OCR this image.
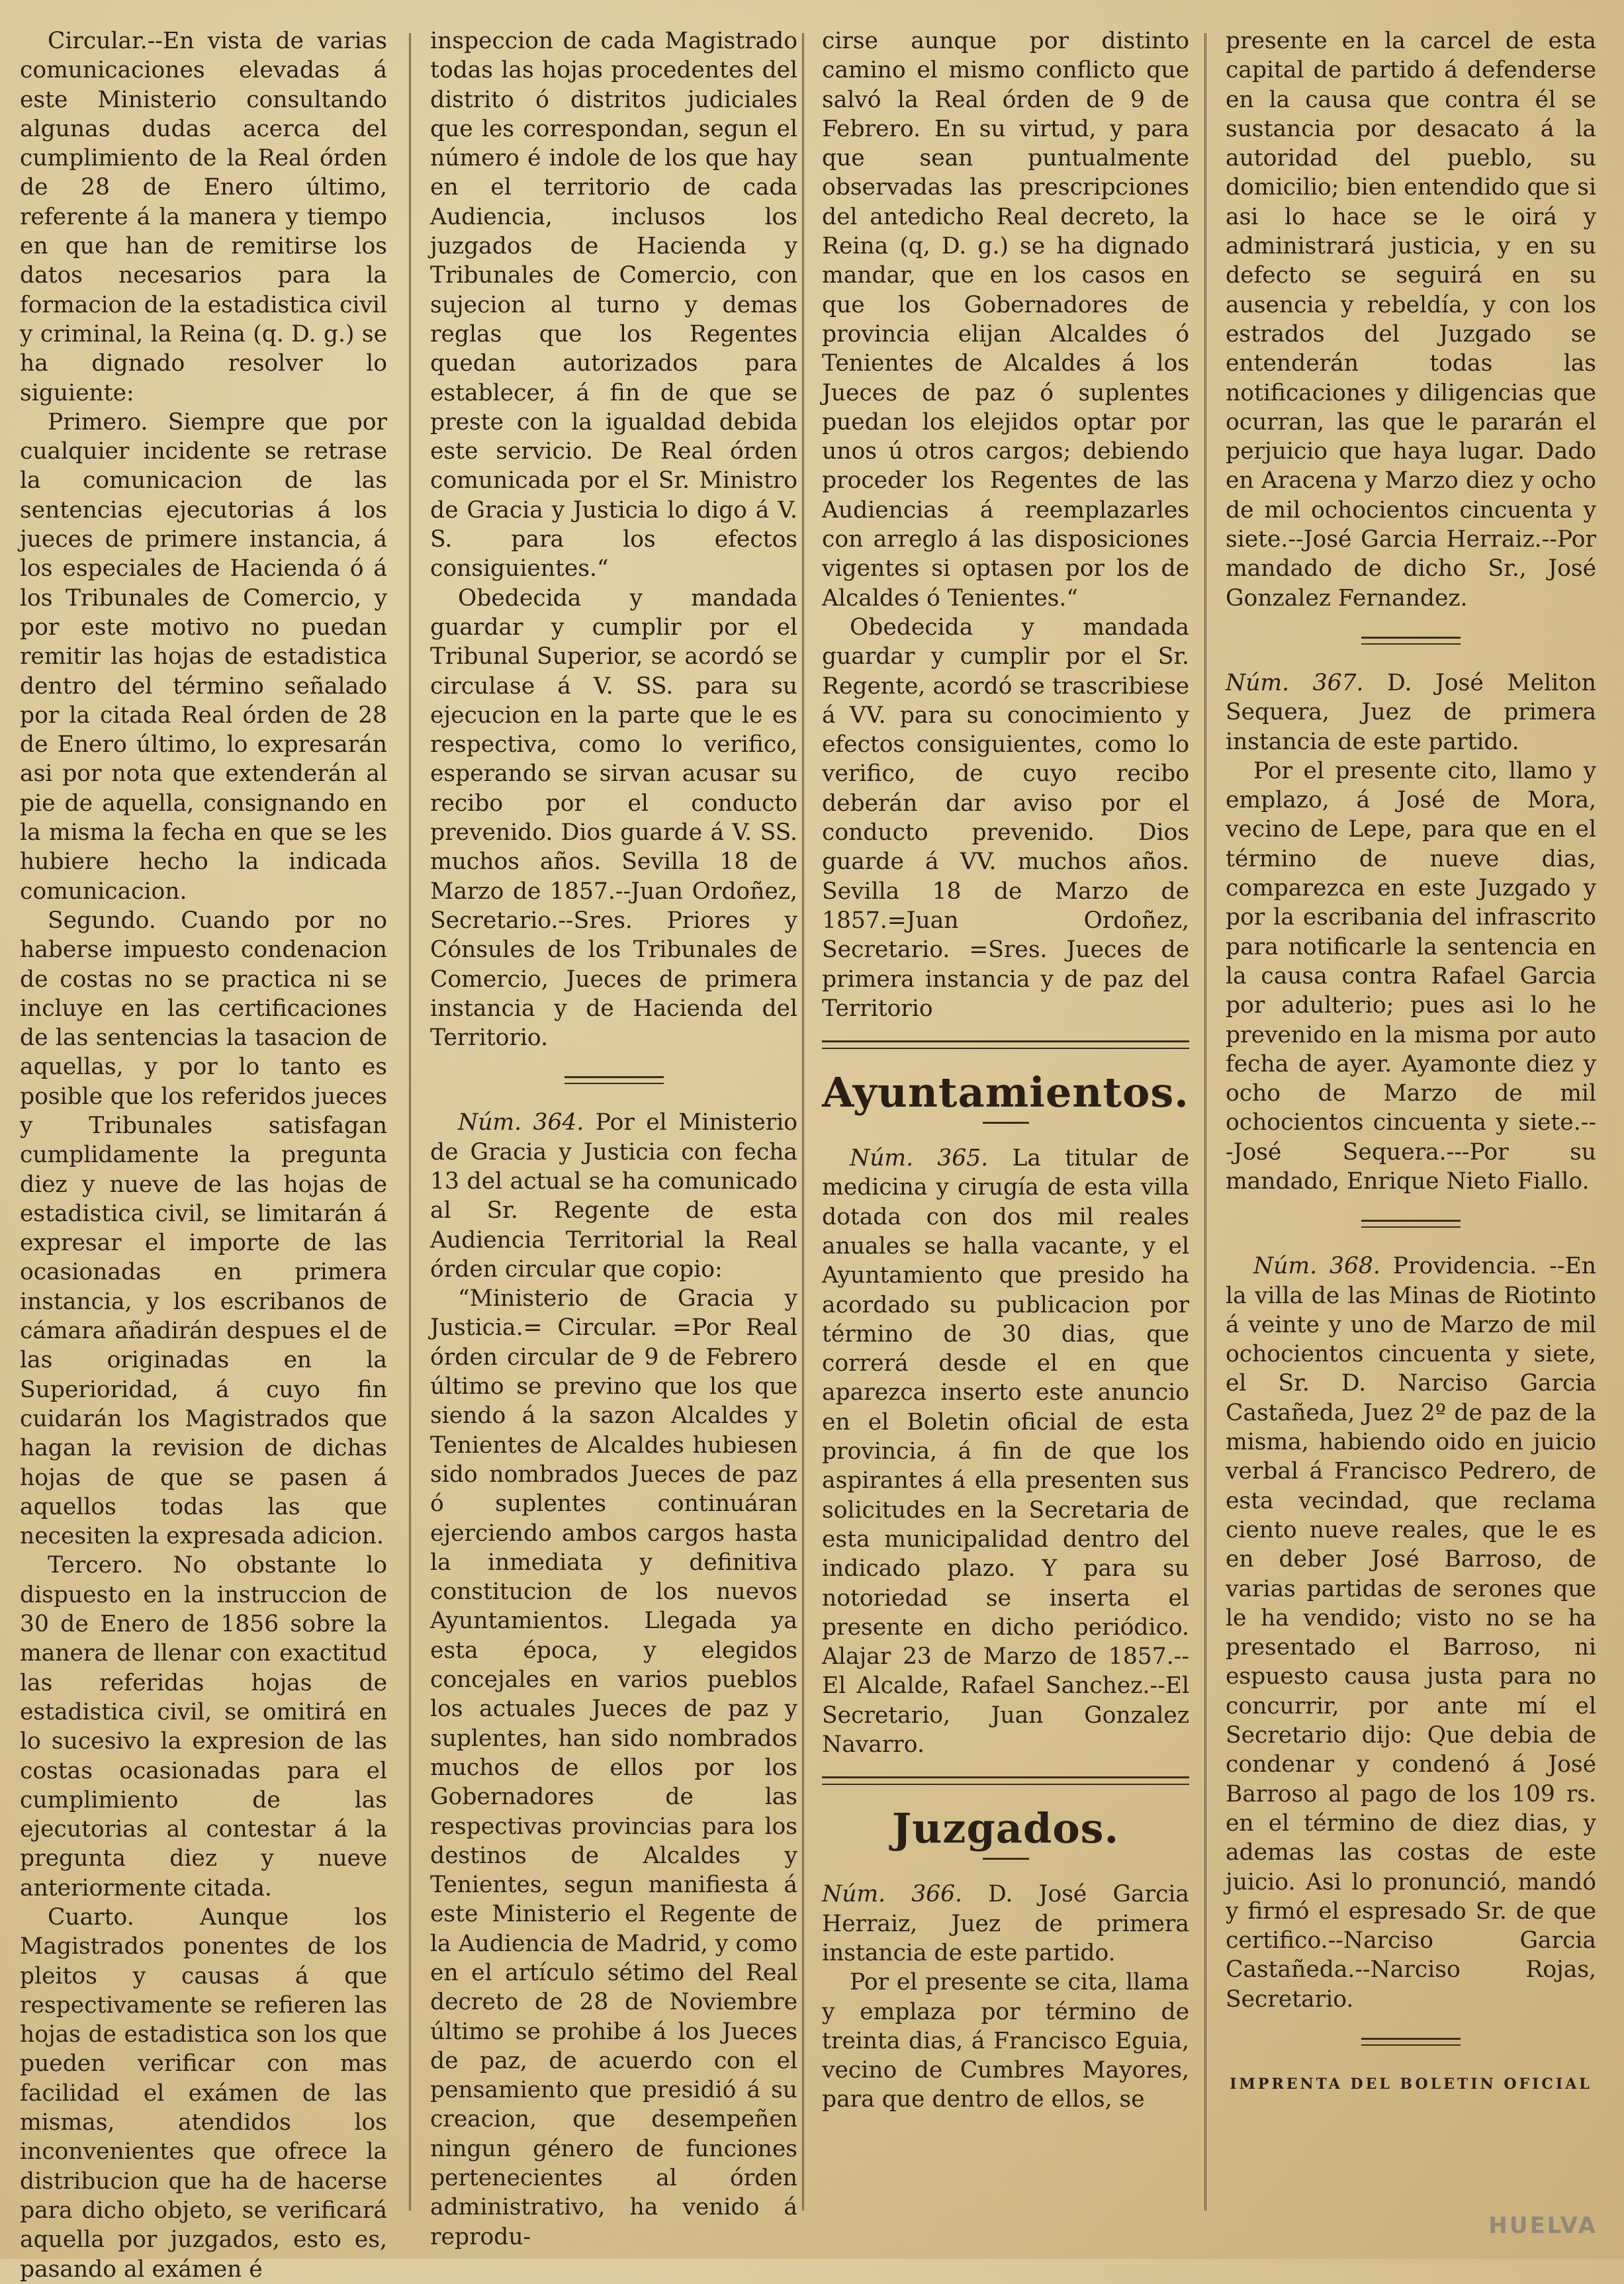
Circular.--En vista de varias comunicaciones elevadas á este Ministerio consultando algunas dudas acerca del cumplimiento de la Real órden de 28 de Enero último, referente á la manera y tiempo en que han de remitirse los datos necesarios para la formacion de la estadistica civil y criminal, la Reina (q. D. g.) se ha dignado resolver lo siguiente:

Primero. Siempre que por cualquier incidente se retrase la comunicacion de las sentencias ejecutorias á los jueces de primere instancia, á los especiales de Hacienda ó á los Tribunales de Comercio, y por este motivo no puedan remitir las hojas de estadistica dentro del término señalado por la citada Real órden de 28 de Enero último, lo expresarán asi por nota que extenderán al pie de aquella, consignando en la misma la fecha en que se les hubiere hecho la indicada comunicacion.

Segundo. Cuando por no haberse impuesto condenacion de costas no se practica ni se incluye en las certificaciones de las sentencias la tasacion de aquellas, y por lo tanto es posible que los referidos jueces y Tribunales satisfagan cumplidamente la pregunta diez y nueve de las hojas de estadistica civil, se limitarán á expresar el importe de las ocasionadas en primera instancia, y los escribanos de cámara añadirán despues el de las originadas en la Superioridad, á cuyo fin cuidarán los Magistrados que hagan la revision de dichas hojas de que se pasen á aquellos todas las que necesiten la expresada adicion.

Tercero. No obstante lo dispuesto en la instruccion de 30 de Enero de 1856 sobre la manera de llenar con exactitud las referidas hojas de estadistica civil, se omitirá en lo sucesivo la expresion de las costas ocasionadas para el cumplimiento de las ejecutorias al contestar á la pregunta diez y nueve anteriormente citada.

Cuarto. Aunque los Magistrados ponentes de los pleitos y causas á que respectivamente se refieren las hojas de estadistica son los que pueden verificar con mas facilidad el exámen de las mismas, atendidos los inconvenientes que ofrece la distribucion que ha de hacerse para dicho objeto, se verificará aquella por juzgados, esto es, pasando al exámen é

inspeccion de cada Magistrado todas las hojas procedentes del distrito ó distritos judiciales que les correspondan, segun el número é indole de los que hay en el territorio de cada Audiencia, inclusos los juzgados de Hacienda y Tribunales de Comercio, con sujecion al turno y demas reglas que los Regentes quedan autorizados para establecer, á fin de que se preste con la igualdad debida este servicio. De Real órden comunicada por el Sr. Ministro de Gracia y Justicia lo digo á V. S. para los efectos consiguientes.“

Obedecida y mandada guardar y cumplir por el Tribunal Superior, se acordó se circulase á V. SS. para su ejecucion en la parte que le es respectiva, como lo verifico, esperando se sirvan acusar su recibo por el conducto prevenido. Dios guarde á V. SS. muchos años. Sevilla 18 de Marzo de 1857.--Juan Ordoñez, Secretario.--Sres. Priores y Cónsules de los Tribunales de Comercio, Jueces de primera instancia y de Hacienda del Territorio.

Núm. 364. Por el Ministerio de Gracia y Justicia con fecha 13 del actual se ha comunicado al Sr. Regente de esta Audiencia Territorial la Real órden circular que copio:

“Ministerio de Gracia y Justicia.= Circular. =Por Real órden circular de 9 de Febrero último se previno que los que siendo á la sazon Alcaldes y Tenientes de Alcaldes hubiesen sido nombrados Jueces de paz ó suplentes continuáran ejerciendo ambos cargos hasta la inmediata y definitiva constitucion de los nuevos Ayuntamientos. Llegada ya esta época, y elegidos concejales en varios pueblos los actuales Jueces de paz y suplentes, han sido nombrados muchos de ellos por los Gobernadores de las respectivas provincias para los destinos de Alcaldes y Tenientes, segun manifiesta á este Ministerio el Regente de la Audiencia de Madrid, y como en el artículo sétimo del Real decreto de 28 de Noviembre último se prohibe á los Jueces de paz, de acuerdo con el pensamiento que presidió á su creacion, que desempeñen ningun género de funciones pertenecientes al órden administrativo, ha venido á reprodu-

cirse aunque por distinto camino el mismo conflicto que salvó la Real órden de 9 de Febrero. En su virtud, y para que sean puntualmente observadas las prescripciones del antedicho Real decreto, la Reina (q, D. g.) se ha dignado mandar, que en los casos en que los Gobernadores de provincia elijan Alcaldes ó Tenientes de Alcaldes á los Jueces de paz ó suplentes puedan los elejidos optar por unos ú otros cargos; debiendo proceder los Regentes de las Audiencias á reemplazarles con arreglo á las disposiciones vigentes si optasen por los de Alcaldes ó Tenientes.“

Obedecida y mandada guardar y cumplir por el Sr. Regente, acordó se trascribiese á VV. para su conocimiento y efectos consiguientes, como lo verifico, de cuyo recibo deberán dar aviso por el conducto prevenido. Dios guarde á VV. muchos años. Sevilla 18 de Marzo de 1857.=Juan Ordoñez, Secretario. =Sres. Jueces de primera instancia y de paz del Territorio

Ayuntamientos.

Núm. 365. La titular de medicina y cirugía de esta villa dotada con dos mil reales anuales se halla vacante, y el Ayuntamiento que presido ha acordado su publicacion por término de 30 dias, que correrá desde el en que aparezca inserto este anuncio en el Boletin oficial de esta provincia, á fin de que los aspirantes á ella presenten sus solicitudes en la Secretaria de esta municipalidad dentro del indicado plazo. Y para su notoriedad se inserta el presente en dicho periódico. Alajar 23 de Marzo de 1857.--El Alcalde, Rafael Sanchez.--El Secretario, Juan Gonzalez Navarro.

Juzgados.

Núm. 366. D. José Garcia Herraiz, Juez de primera instancia de este partido.

Por el presente se cita, llama y emplaza por término de treinta dias, á Francisco Eguia, vecino de Cumbres Mayores, para que dentro de ellos, se

presente en la carcel de esta capital de partido á defenderse en la causa que contra él se sustancia por desacato á la autoridad del pueblo, su domicilio; bien entendido que si asi lo hace se le oirá y administrará justicia, y en su defecto se seguirá en su ausencia y rebeldía, y con los estrados del Juzgado se entenderán todas las notificaciones y diligencias que ocurran, las que le pararán el perjuicio que haya lugar. Dado en Aracena y Marzo diez y ocho de mil ochocientos cincuenta y siete.--José Garcia Herraiz.--Por mandado de dicho Sr., José Gonzalez Fernandez.

Núm. 367. D. José Meliton Sequera, Juez de primera instancia de este partido.

Por el presente cito, llamo y emplazo, á José de Mora, vecino de Lepe, para que en el término de nueve dias, comparezca en este Juzgado y por la escribania del infrascrito para notificarle la sentencia en la causa contra Rafael Garcia por adulterio; pues asi lo he prevenido en la misma por auto fecha de ayer. Ayamonte diez y ocho de Marzo de mil ochocientos cincuenta y siete.---José Sequera.---Por su mandado, Enrique Nieto Fiallo.

Núm. 368. Providencia. --En la villa de las Minas de Riotinto á veinte y uno de Marzo de mil ochocientos cincuenta y siete, el Sr. D. Narciso Garcia Castañeda, Juez 2º de paz de la misma, habiendo oido en juicio verbal á Francisco Pedrero, de esta vecindad, que reclama ciento nueve reales, que le es en deber José Barroso, de varias partidas de serones que le ha vendido; visto no se ha presentado el Barroso, ni espuesto causa justa para no concurrir, por ante mí el Secretario dijo: Que debia de condenar y condenó á José Barroso al pago de los 109 rs. en el término de diez dias, y ademas las costas de este juicio. Asi lo pronunció, mandó y firmó el espresado Sr. de que certifico.--Narciso Garcia Castañeda.--Narciso Rojas, Secretario.

IMPRENTA DEL BOLETIN OFICIAL
HUELVA
